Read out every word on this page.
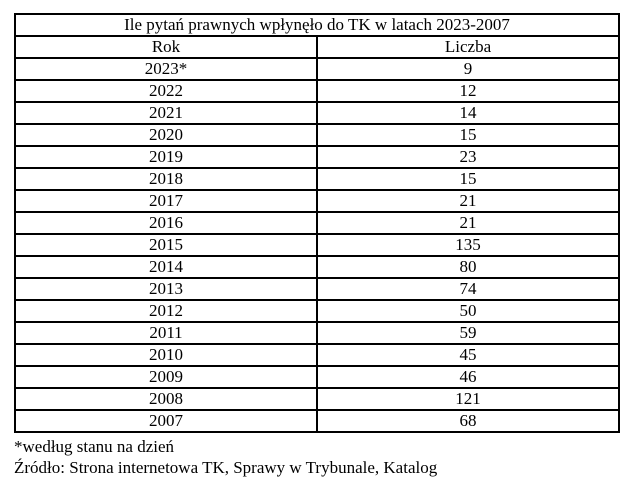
Ile pytań prawnych wpłynęło do TK w latach 2023-2007	
Rok	Liczba
2023*	9
2022	12
2021	14
2020	15
2019	23
2018	15
2017	21
2016	21
2015	135
2014	80
2013	74
2012	50
2011	59
2010	45
2009	46
2008	121
2007	68
*według stanu na dzień
Źródło: Strona internetowa TK, Sprawy w Trybunale, Katalog
